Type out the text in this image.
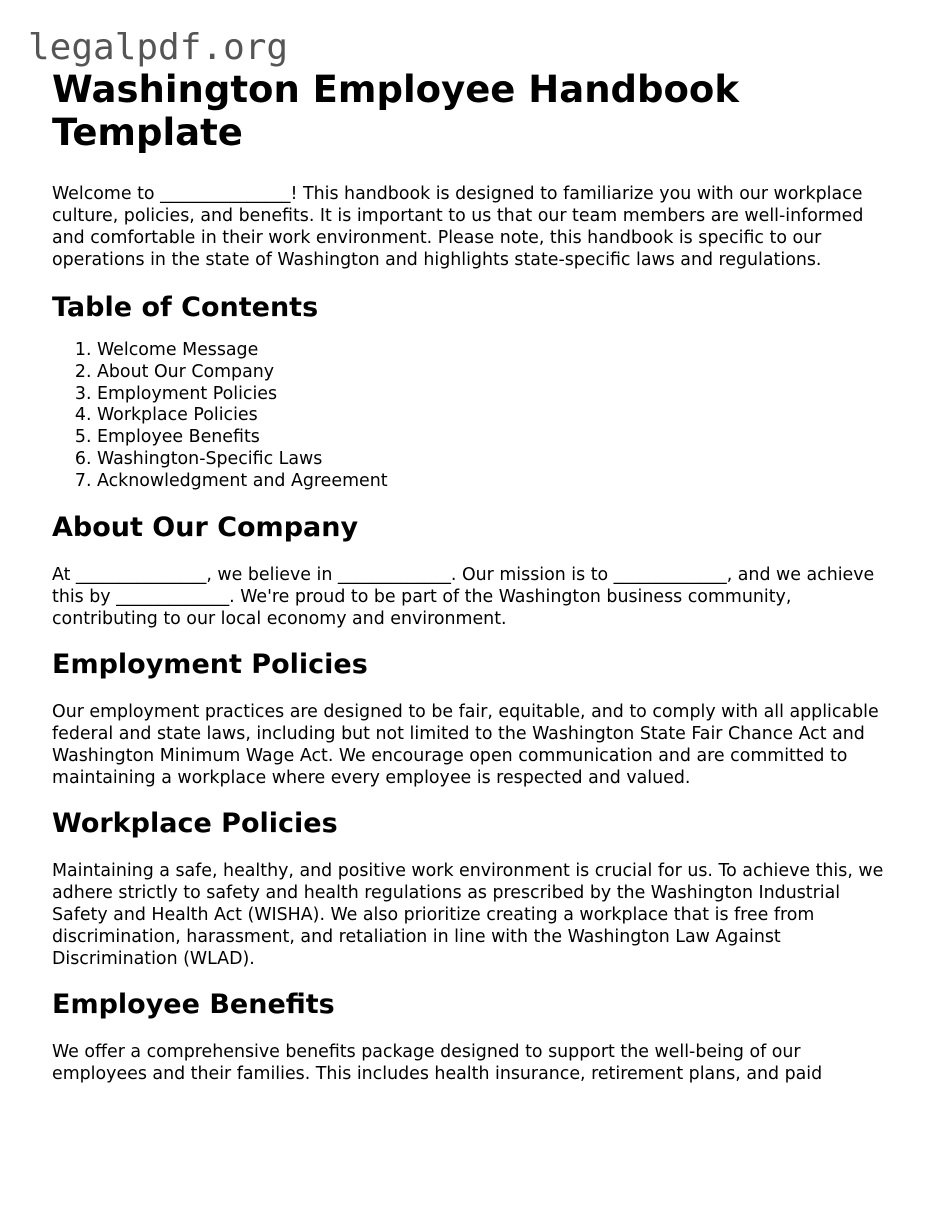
legalpdf.org
Washington Employee Handbook Template

Welcome to _______________! This handbook is designed to familiarize you with our workplace culture, policies, and benefits. It is important to us that our team members are well-informed and comfortable in their work environment. Please note, this handbook is specific to our operations in the state of Washington and highlights state-specific laws and regulations.

Table of Contents
1. Welcome Message
2. About Our Company
3. Employment Policies
4. Workplace Policies
5. Employee Benefits
6. Washington-Specific Laws
7. Acknowledgment and Agreement
About Our Company

At _______________, we believe in _____________. Our mission is to _____________, and we achieve this by _____________. We're proud to be part of the Washington business community, contributing to our local economy and environment.

Employment Policies

Our employment practices are designed to be fair, equitable, and to comply with all applicable federal and state laws, including but not limited to the Washington State Fair Chance Act and Washington Minimum Wage Act. We encourage open communication and are committed to maintaining a workplace where every employee is respected and valued.

Workplace Policies

Maintaining a safe, healthy, and positive work environment is crucial for us. To achieve this, we adhere strictly to safety and health regulations as prescribed by the Washington Industrial Safety and Health Act (WISHA). We also prioritize creating a workplace that is free from discrimination, harassment, and retaliation in line with the Washington Law Against Discrimination (WLAD).

Employee Benefits

We offer a comprehensive benefits package designed to support the well-being of our employees and their families. This includes health insurance, retirement plans, and paid
